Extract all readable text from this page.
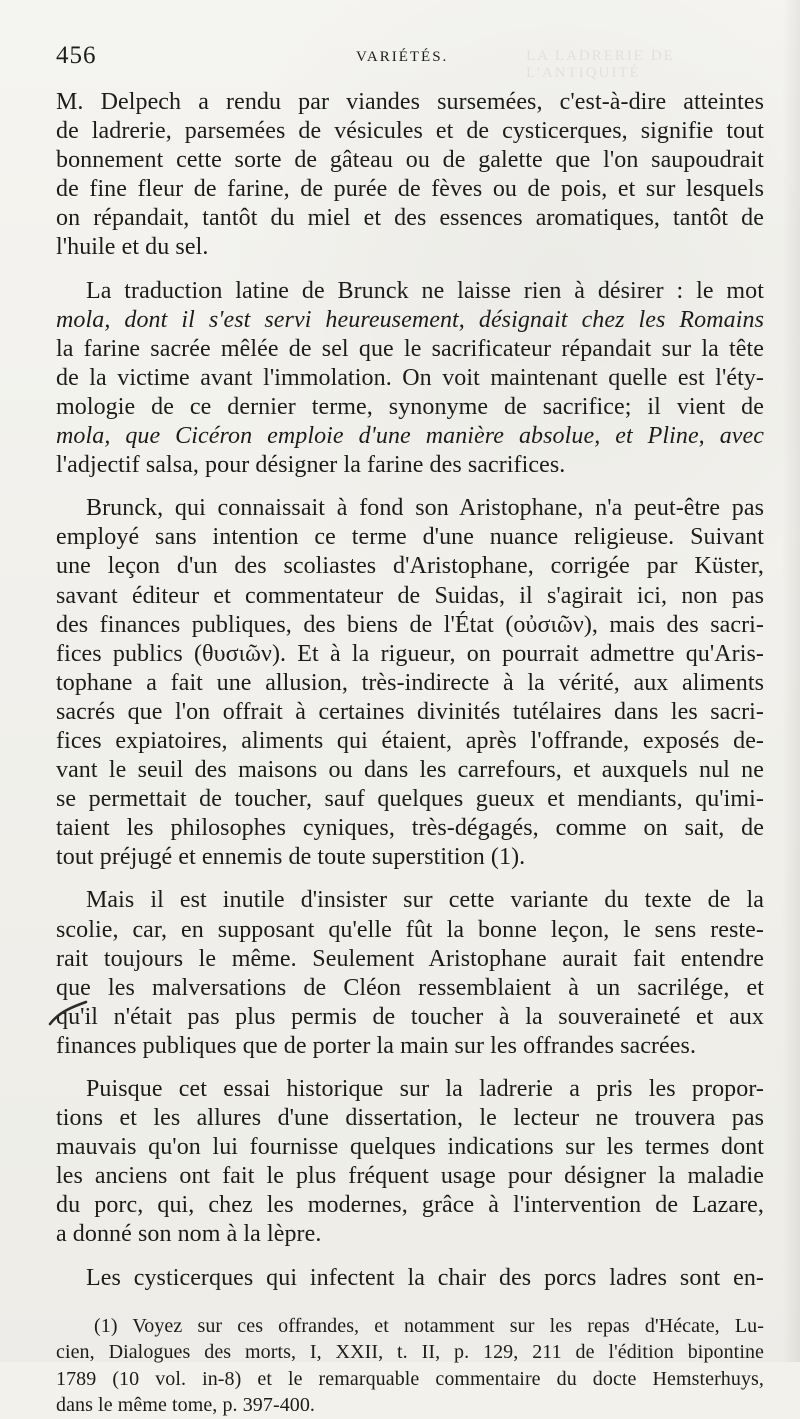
456	VARIÉTÉS.	LA LADRERIE DE L'ANTIQUITÉ
M. Delpech a rendu par viandes sursemées, c'est-à-dire atteintes
de ladrerie, parsemées de vésicules et de cysticerques, signifie tout
bonnement cette sorte de gâteau ou de galette que l'on saupoudrait
de fine fleur de farine, de purée de fèves ou de pois, et sur lesquels
on répandait, tantôt du miel et des essences aromatiques, tantôt de
l'huile et du sel.
La traduction latine de Brunck ne laisse rien à désirer : le mot
mola, dont il s'est servi heureusement, désignait chez les Romains
la farine sacrée mêlée de sel que le sacrificateur répandait sur la tête
de la victime avant l'immolation. On voit maintenant quelle est l'éty-
mologie de ce dernier terme, synonyme de sacrifice; il vient de
mola, que Cicéron emploie d'une manière absolue, et Pline, avec
l'adjectif salsa, pour désigner la farine des sacrifices.
Brunck, qui connaissait à fond son Aristophane, n'a peut-être pas
employé sans intention ce terme d'une nuance religieuse. Suivant
une leçon d'un des scoliastes d'Aristophane, corrigée par Küster,
savant éditeur et commentateur de Suidas, il s'agirait ici, non pas
des finances publiques, des biens de l'État (οὐσιῶν), mais des sacri-
fices publics (θυσιῶν). Et à la rigueur, on pourrait admettre qu'Aris-
tophane a fait une allusion, très-indirecte à la vérité, aux aliments
sacrés que l'on offrait à certaines divinités tutélaires dans les sacri-
fices expiatoires, aliments qui étaient, après l'offrande, exposés de-
vant le seuil des maisons ou dans les carrefours, et auxquels nul ne
se permettait de toucher, sauf quelques gueux et mendiants, qu'imi-
taient les philosophes cyniques, très-dégagés, comme on sait, de
tout préjugé et ennemis de toute superstition (1).
Mais il est inutile d'insister sur cette variante du texte de la
scolie, car, en supposant qu'elle fût la bonne leçon, le sens reste-
rait toujours le même. Seulement Aristophane aurait fait entendre
que les malversations de Cléon ressemblaient à un sacrilége, et
qu'il n'était pas plus permis de toucher à la souveraineté et aux
finances publiques que de porter la main sur les offrandes sacrées.
Puisque cet essai historique sur la ladrerie a pris les propor-
tions et les allures d'une dissertation, le lecteur ne trouvera pas
mauvais qu'on lui fournisse quelques indications sur les termes dont
les anciens ont fait le plus fréquent usage pour désigner la maladie
du porc, qui, chez les modernes, grâce à l'intervention de Lazare,
a donné son nom à la lèpre.
Les cysticerques qui infectent la chair des porcs ladres sont en-
(1) Voyez sur ces offrandes, et notamment sur les repas d'Hécate, Lu-
cien, Dialogues des morts, I, XXII, t. II, p. 129, 211 de l'édition bipontine
1789 (10 vol. in-8) et le remarquable commentaire du docte Hemsterhuys,
dans le même tome, p. 397-400.
